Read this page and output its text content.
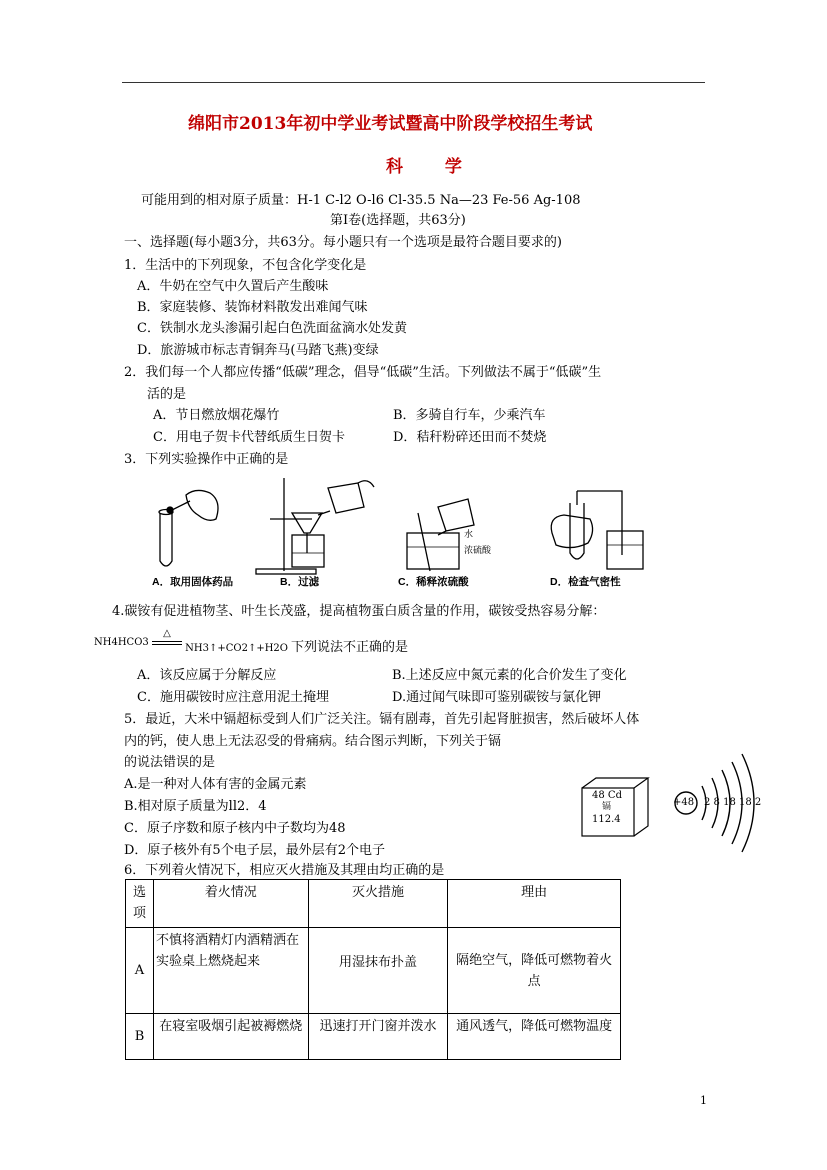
绵阳市2013年初中学业考试暨高中阶段学校招生考试
科 学
可能用到的相对原子质量：H-1 C-l2 O-l6 Cl-35.5 Na—23 Fe-56 Ag-108
第Ⅰ卷(选择题，共63分)
一、选择题(每小题3分，共63分。每小题只有一个选项是最符合题目要求的)
1．生活中的下列现象，不包含化学变化是
A．牛奶在空气中久置后产生酸味
B．家庭装修、装饰材料散发出难闻气味
C．铁制水龙头渗漏引起白色洗面盆滴水处发黄
D．旅游城市标志青铜奔马(马踏飞燕)变绿
2．我们每一个人都应传播“低碳”理念，倡导“低碳”生活。下列做法不属于“低碳”生
活的是
A．节日燃放烟花爆竹	B．多骑自行车，少乘汽车
C．用电子贺卡代替纸质生日贺卡	D．秸秆粉碎还田而不焚烧
3．下列实验操作中正确的是
A．取用固体药品	B．过滤	C．稀释浓硫酸	D．检查气密性
水
浓硫酸
4.碳铵有促进植物茎、叶生长茂盛，提高植物蛋白质含量的作用，碳铵受热容易分解：
NH4HCO3
△
NH3↑+CO2↑+H2O 下列说法不正确的是
A．该反应属于分解反应	B.上述反应中氮元素的化合价发生了变化
C．施用碳铵时应注意用泥土掩埋	D.通过闻气味即可鉴别碳铵与氯化钾
5．最近，大米中镉超标受到人们广泛关注。镉有剧毒，首先引起肾脏损害，然后破坏人体
内的钙，使人患上无法忍受的骨痛病。结合图示判断，下列关于镉
的说法错误的是
A.是一种对人体有害的金属元素
B.相对原子质量为ll2．4
C．原子序数和原子核内中子数均为48
D．原子核外有5个电子层，最外层有2个电子
48 Cd
镉
112.4
+48 2 8 18 18 2
6．下列着火情况下，相应灭火措施及其理由均正确的是
选项	着火情况	灭火措施	理由
A	不慎将酒精灯内酒精洒在实验桌上燃烧起来	用湿抹布扑盖	隔绝空气，降低可燃物着火点
B	在寝室吸烟引起被褥燃烧	迅速打开门窗并泼水	通风透气，降低可燃物温度
1
